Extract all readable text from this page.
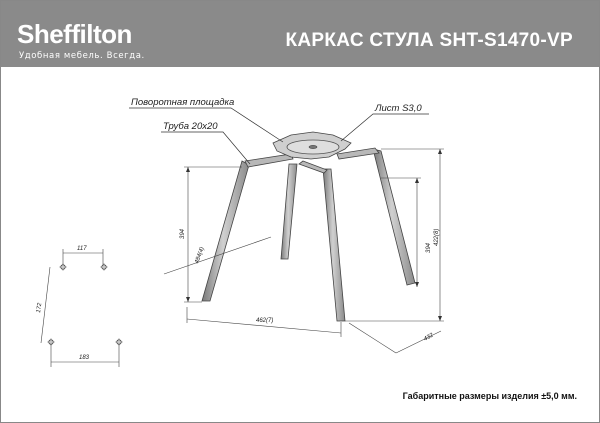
Sheffilton
Удобная мебель. Всегда.
КАРКАС СТУЛА SHT-S1470-VP
Поворотная площадка
Труба 20х20
Лист S3,0
394
484(4)
462(7)
394
422(8)
432
117
172
183
Габаритные размеры изделия ±5,0 мм.
